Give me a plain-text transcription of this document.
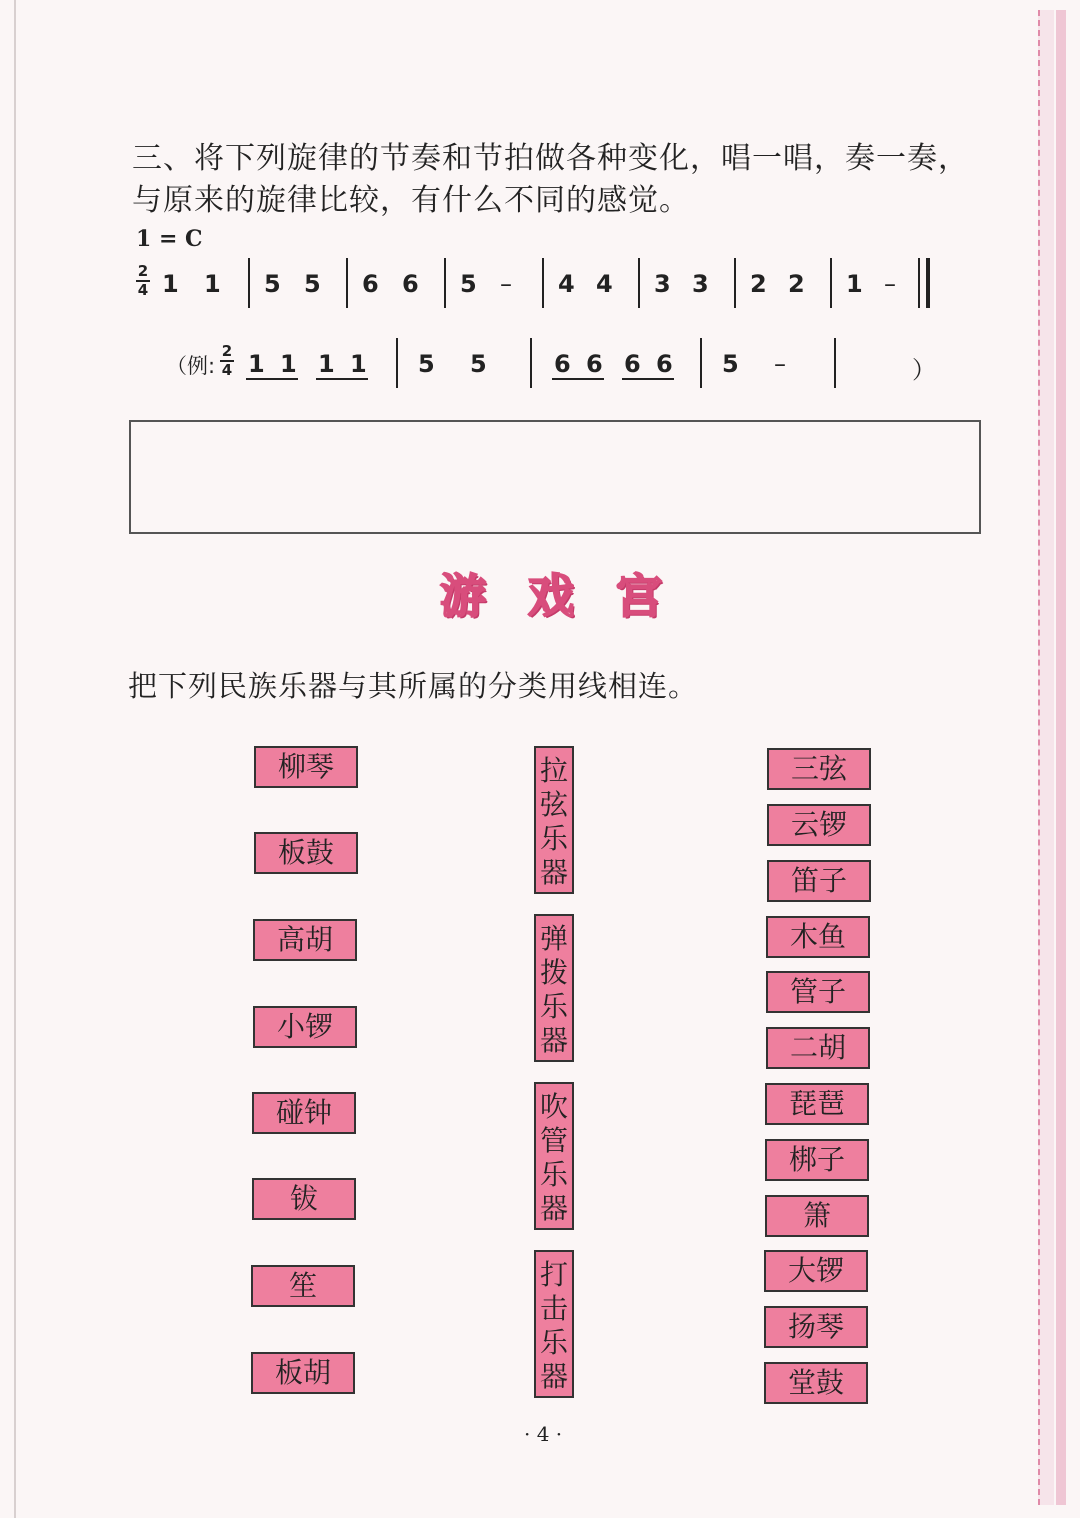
三、将下列旋律的节奏和节拍做各种变化，唱一唱，奏一奏，
与原来的旋律比较，有什么不同的感觉。
1 = C
2
4 1 1 5 5 6 6 5 – 4 4 3 3 2 2 1 –
（例:
2
4 1 1 1 1 5 5	6 6 6 6 5 –	）
游 戏 宫
把下列民族乐器与其所属的分类用线相连。
柳琴
板鼓
高胡
小锣
碰钟
钹
笙
板胡
拉
弦
乐
器
弹
拨
乐
器
吹
管
乐
器
打
击
乐
器
三弦
云锣
笛子
木鱼
管子
二胡
琵琶
梆子
箫
大锣
扬琴
堂鼓
· 4 ·
